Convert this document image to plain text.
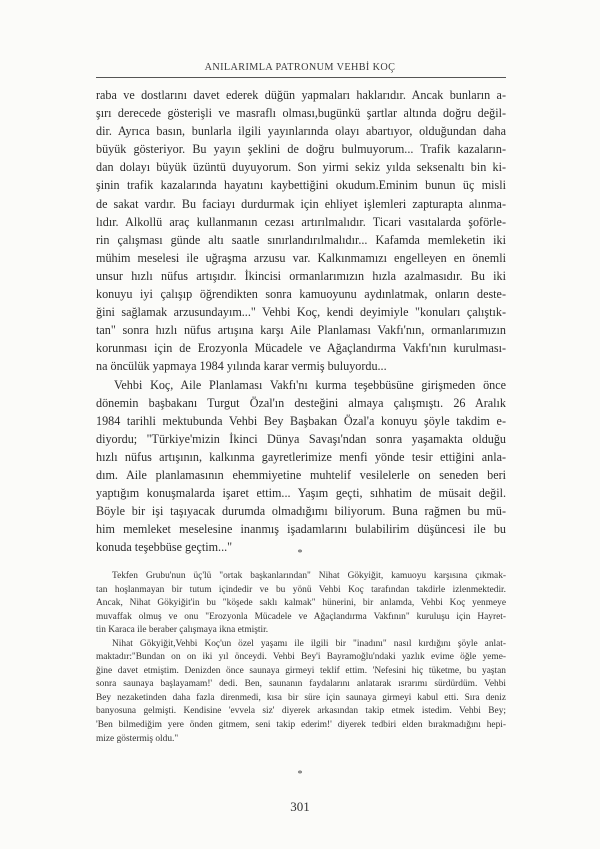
ANILARIMLA PATRONUM VEHBİ KOÇ
raba ve dostlarını davet ederek düğün yapmaları haklarıdır. Ancak bunların a-
şırı derecede gösterişli ve masraflı olması,bugünkü şartlar altında doğru değil-
dir. Ayrıca basın, bunlarla ilgili yayınlarında olayı abartıyor, olduğundan daha
büyük gösteriyor. Bu yayın şeklini de doğru bulmuyorum... Trafik kazaların-
dan dolayı büyük üzüntü duyuyorum. Son yirmi sekiz yılda seksenaltı bin ki-
şinin trafik kazalarında hayatını kaybettiğini okudum.Eminim bunun üç misli
de sakat vardır. Bu faciayı durdurmak için ehliyet işlemleri zapturapta alınma-
lıdır. Alkollü araç kullanmanın cezası artırılmalıdır. Ticari vasıtalarda şoförle-
rin çalışması günde altı saatle sınırlandırılmalıdır... Kafamda memleketin iki
mühim meselesi ile uğraşma arzusu var. Kalkınmamızı engelleyen en önemli
unsur hızlı nüfus artışıdır. İkincisi ormanlarımızın hızla azalmasıdır. Bu iki
konuyu iyi çalışıp öğrendikten sonra kamuoyunu aydınlatmak, onların deste-
ğini sağlamak arzusundayım..." Vehbi Koç, kendi deyimiyle "konuları çalıştık-
tan" sonra hızlı nüfus artışına karşı Aile Planlaması Vakfı'nın, ormanlarımızın
korunması için de Erozyonla Mücadele ve Ağaçlandırma Vakfı'nın kurulması-
na öncülük yapmaya 1984 yılında karar vermiş buluyordu...
Vehbi Koç, Aile Planlaması Vakfı'nı kurma teşebbüsüne girişmeden önce
dönemin başbakanı Turgut Özal'ın desteğini almaya çalışmıştı. 26 Aralık
1984 tarihli mektubunda Vehbi Bey Başbakan Özal'a konuyu şöyle takdim e-
diyordu; "Türkiye'mizin İkinci Dünya Savaşı'ndan sonra yaşamakta olduğu
hızlı nüfus artışının, kalkınma gayretlerimize menfi yönde tesir ettiğini anla-
dım. Aile planlamasının ehemmiyetine muhtelif vesilelerle on seneden beri
yaptığım konuşmalarda işaret ettim... Yaşım geçti, sıhhatim de müsait değil.
Böyle bir işi taşıyacak durumda olmadığımı biliyorum. Buna rağmen bu mü-
him memleket meselesine inanmış işadamlarını bulabilirim düşüncesi ile bu
konuda teşebbüse geçtim..."	*
Tekfen Grubu'nun üç'lü "ortak başkanlarından" Nihat Gökyiğit, kamuoyu karşısına çıkmak-
tan hoşlanmayan bir tutum içindedir ve bu yönü Vehbi Koç tarafından takdirle izlenmektedir.
Ancak, Nihat Gökyiğit'in bu "köşede saklı kalmak" hünerini, bir anlamda, Vehbi Koç yenmeye
muvaffak olmuş ve onu "Erozyonla Mücadele ve Ağaçlandırma Vakfının" kuruluşu için Hayret-
tin Karaca ile beraber çalışmaya ikna etmiştir.
Nihat Gökyiğit,Vehbi Koç'un özel yaşamı ile ilgili bir "inadını" nasıl kırdığını şöyle anlat-
maktadır:"Bundan on on iki yıl önceydi. Vehbi Bey'i Bayramoğlu'ndaki yazlık evime öğle yeme-
ğine davet etmiştim. Denizden önce saunaya girmeyi teklif ettim. 'Nefesini hiç tüketme, bu yaştan
sonra saunaya başlayamam!' dedi. Ben, saunanın faydalarını anlatarak ısrarımı sürdürdüm. Vehbi
Bey nezaketinden daha fazla direnmedi, kısa bir süre için saunaya girmeyi kabul etti. Sıra deniz
banyosuna gelmişti. Kendisine 'evvela siz' diyerek arkasından takip etmek istedim. Vehbi Bey;
'Ben bilmediğim yere önden gitmem, seni takip ederim!' diyerek tedbiri elden bırakmadığını hepi-
mize göstermiş oldu."
*
301
